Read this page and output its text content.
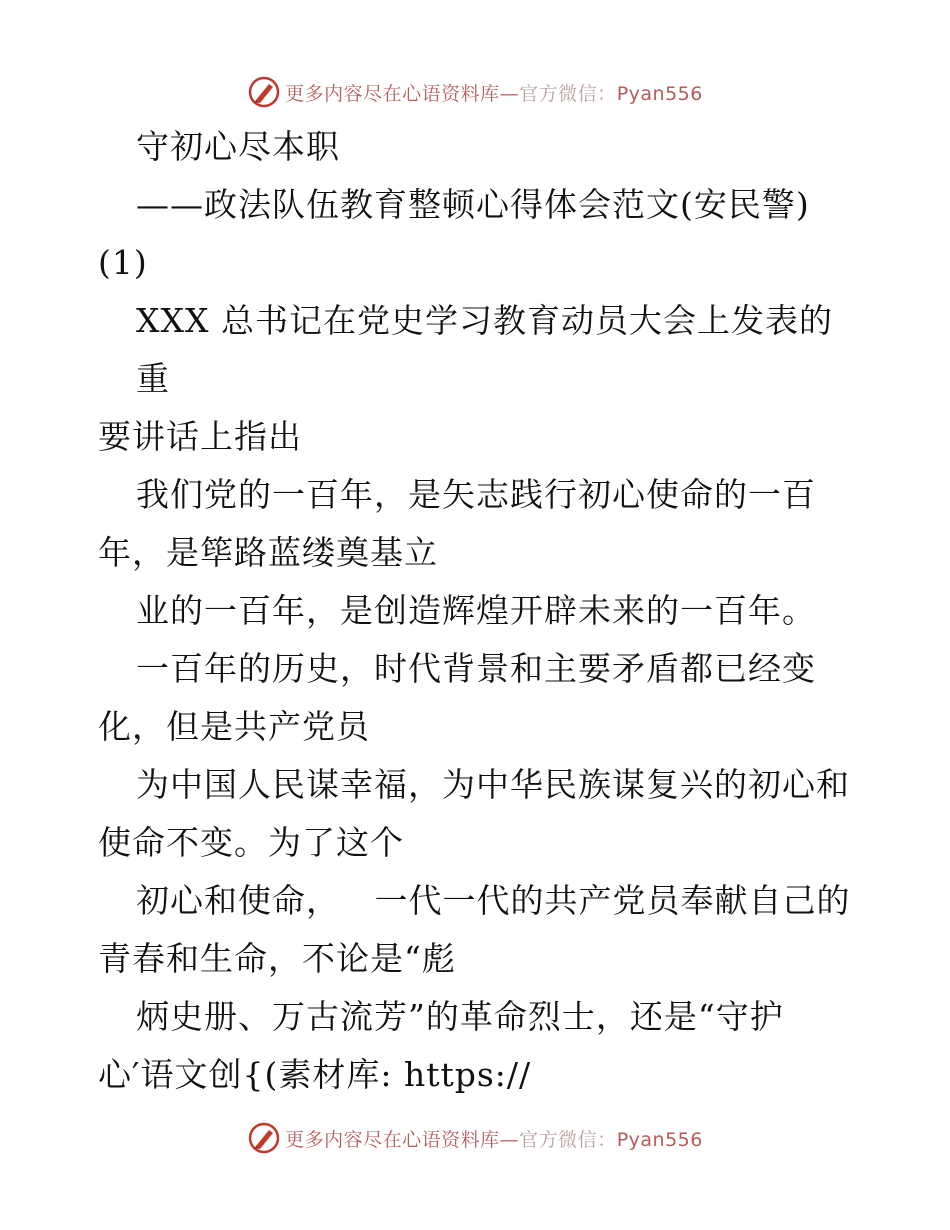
更多内容尽在心语资料库—官方微信：Pyan556

守初心尽本职

——政法队伍教育整顿心得体会范文(安民警)

(1)

XXX 总书记在党史学习教育动员大会上发表的重

要讲话上指出

我们党的一百年，是矢志践行初心使命的一百

年，是筚路蓝缕奠基立

业的一百年，是创造辉煌开辟未来的一百年。

一百年的历史，时代背景和主要矛盾都已经变

化，但是共产党员

为中国人民谋幸福，为中华民族谋复兴的初心和

使命不变。为了这个

初心和使命，   一代一代的共产党员奉献自己的

青春和生命，不论是“彪

炳史册、万古流芳”的革命烈士，还是“守护

心′语文创{(素材库: https://

更多内容尽在心语资料库—官方微信：Pyan556
